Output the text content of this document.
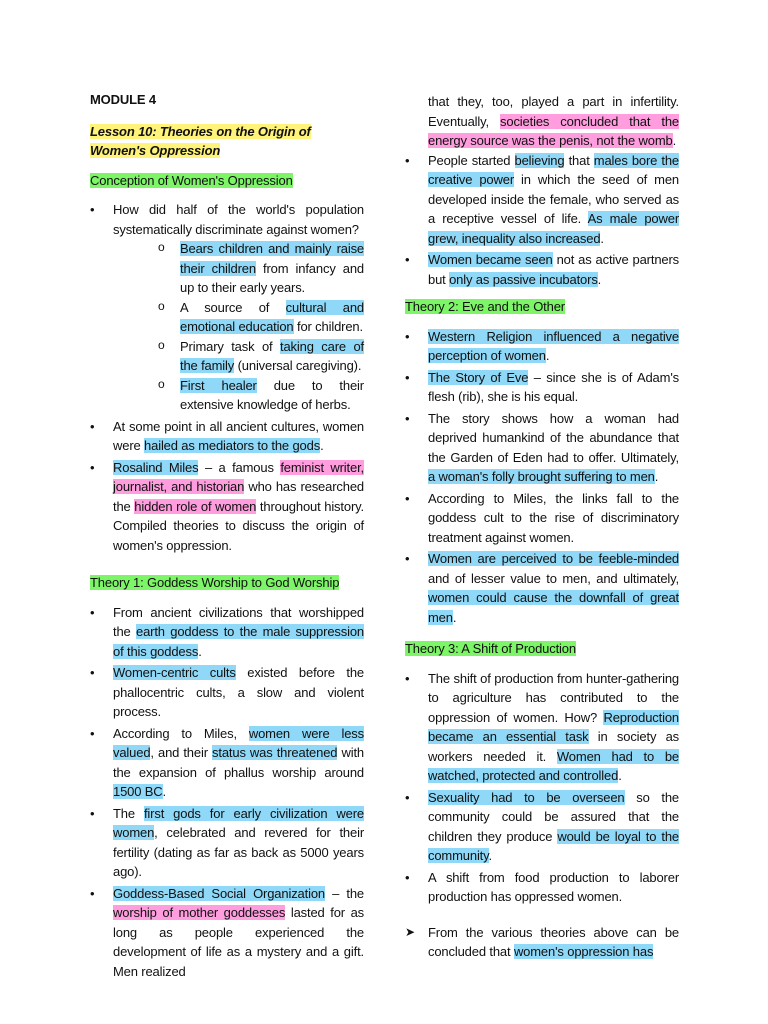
MODULE 4

Lesson 10: Theories on the Origin of Women's Oppression

Conception of Women's Oppression

• How did half of the world's population systematically discriminate against women?
o Bears children and mainly raise their children from infancy and up to their early years.
o A source of cultural and emotional education for children.
o Primary task of taking care of the family (universal caregiving).
o First healer due to their extensive knowledge of herbs.
• At some point in all ancient cultures, women were hailed as mediators to the gods.
• Rosalind Miles – a famous feminist writer, journalist, and historian who has researched the hidden role of women throughout history. Compiled theories to discuss the origin of women's oppression.

Theory 1: Goddess Worship to God Worship

• From ancient civilizations that worshipped the earth goddess to the male suppression of this goddess.
• Women-centric cults existed before the phallocentric cults, a slow and violent process.
• According to Miles, women were less valued, and their status was threatened with the expansion of phallus worship around 1500 BC.
• The first gods for early civilization were women, celebrated and revered for their fertility (dating as far as back as 5000 years ago).
• Goddess-Based Social Organization – the worship of mother goddesses lasted for as long as people experienced the development of life as a mystery and a gift. Men realized

that they, too, played a part in infertility. Eventually, societies concluded that the energy source was the penis, not the womb.

• People started believing that males bore the creative power in which the seed of men developed inside the female, who served as a receptive vessel of life. As male power grew, inequality also increased.
• Women became seen not as active partners but only as passive incubators.

Theory 2: Eve and the Other

• Western Religion influenced a negative perception of women.
• The Story of Eve – since she is of Adam's flesh (rib), she is his equal.
• The story shows how a woman had deprived humankind of the abundance that the Garden of Eden had to offer. Ultimately, a woman's folly brought suffering to men.
• According to Miles, the links fall to the goddess cult to the rise of discriminatory treatment against women.
• Women are perceived to be feeble-minded and of lesser value to men, and ultimately, women could cause the downfall of great men.

Theory 3: A Shift of Production

• The shift of production from hunter-gathering to agriculture has contributed to the oppression of women. How? Reproduction became an essential task in society as workers needed it. Women had to be watched, protected and controlled.
• Sexuality had to be overseen so the community could be assured that the children they produce would be loyal to the community.
• A shift from food production to laborer production has oppressed women.
➤ From the various theories above can be concluded that women's oppression has
